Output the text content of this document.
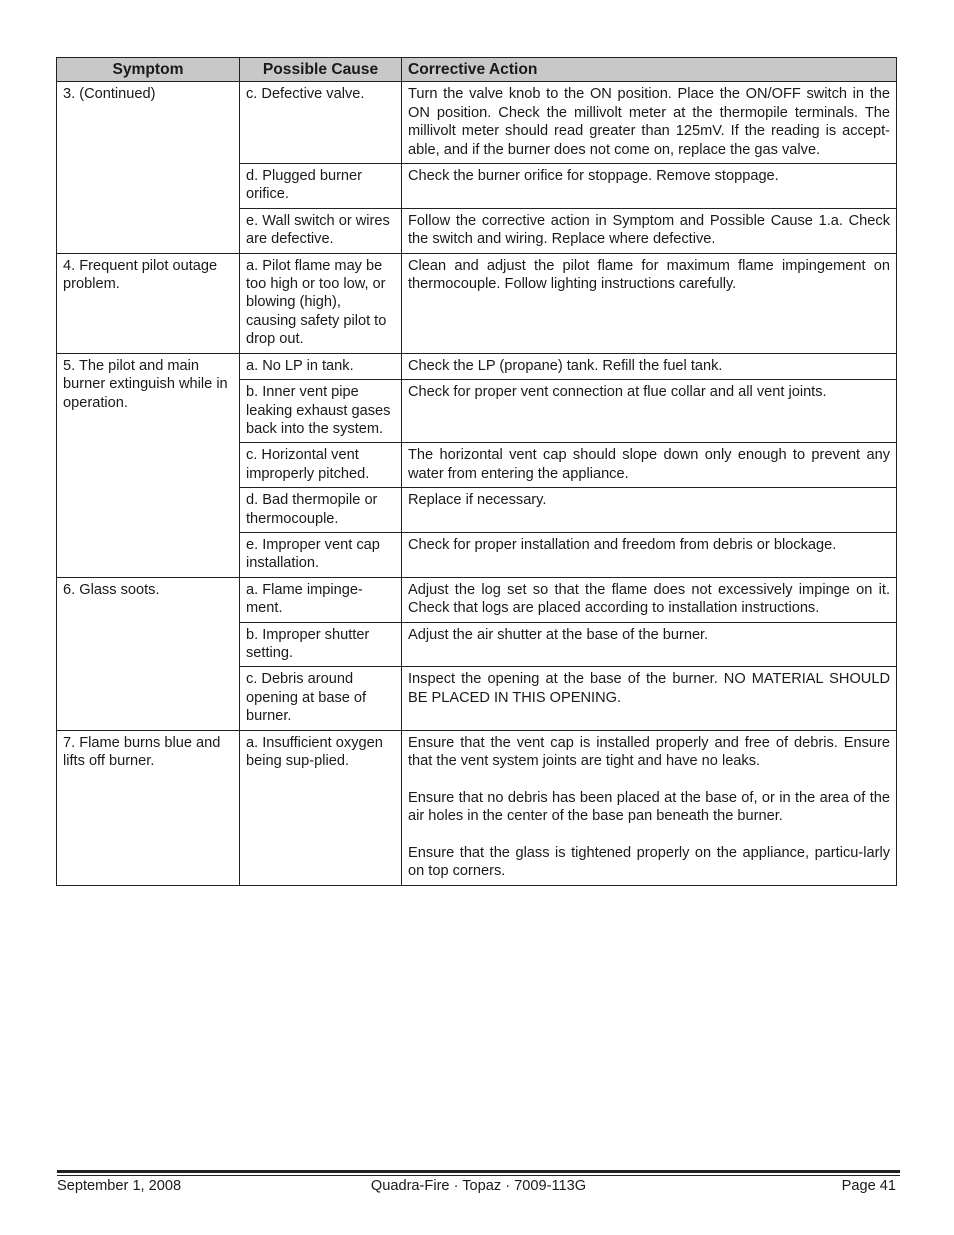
Symptom	Possible Cause	Corrective Action
3. (Continued)	c. Defective valve.	Turn the valve knob to the ON position. Place the ON/OFF switch in the ON position. Check the millivolt meter at the thermopile terminals. The millivolt meter should read greater than 125mV. If the reading is accept-able, and if the burner does not come on, replace the gas valve.

	d. Plugged burner orifice.	Check the burner orifice for stoppage. Remove stoppage.

	e. Wall switch or wires are defective.	Follow the corrective action in Symptom and Possible Cause 1.a. Check the switch and wiring. Replace where defective.

4. Frequent pilot outage problem.	a. Pilot flame may be too high or too low, or blowing (high), causing safety pilot to drop out.	Clean and adjust the pilot flame for maximum flame impingement on thermocouple. Follow lighting instructions carefully.

5. The pilot and main burner extinguish while in operation.	a. No LP in tank.	Check the LP (propane) tank. Refill the fuel tank.

	b. Inner vent pipe leaking exhaust gases back into the system.	Check for proper vent connection at flue collar and all vent joints.

	c. Horizontal vent improperly pitched.	The horizontal vent cap should slope down only enough to prevent any water from entering the appliance.

	d. Bad thermopile or thermocouple.	Replace if necessary.

	e. Improper vent cap installation.	Check for proper installation and freedom from debris or blockage.

6. Glass soots.	a. Flame impinge-ment.	Adjust the log set so that the flame does not excessively impinge on it. Check that logs are placed according to installation instructions.

	b. Improper shutter setting.	Adjust the air shutter at the base of the burner.

	c. Debris around opening at base of burner.	Inspect the opening at the base of the burner. NO MATERIAL SHOULD BE PLACED IN THIS OPENING.

7. Flame burns blue and lifts off burner.	a. Insufficient oxygen being sup-plied.	Ensure that the vent cap is installed properly and free of debris. Ensure that the vent system joints are tight and have no leaks.

Ensure that no debris has been placed at the base of, or in the area of the air holes in the center of the base pan beneath the burner.

Ensure that the glass is tightened properly on the appliance, particu-larly on top corners.

September 1, 2008	Quadra-Fire · Topaz · 7009-113G	Page 41
